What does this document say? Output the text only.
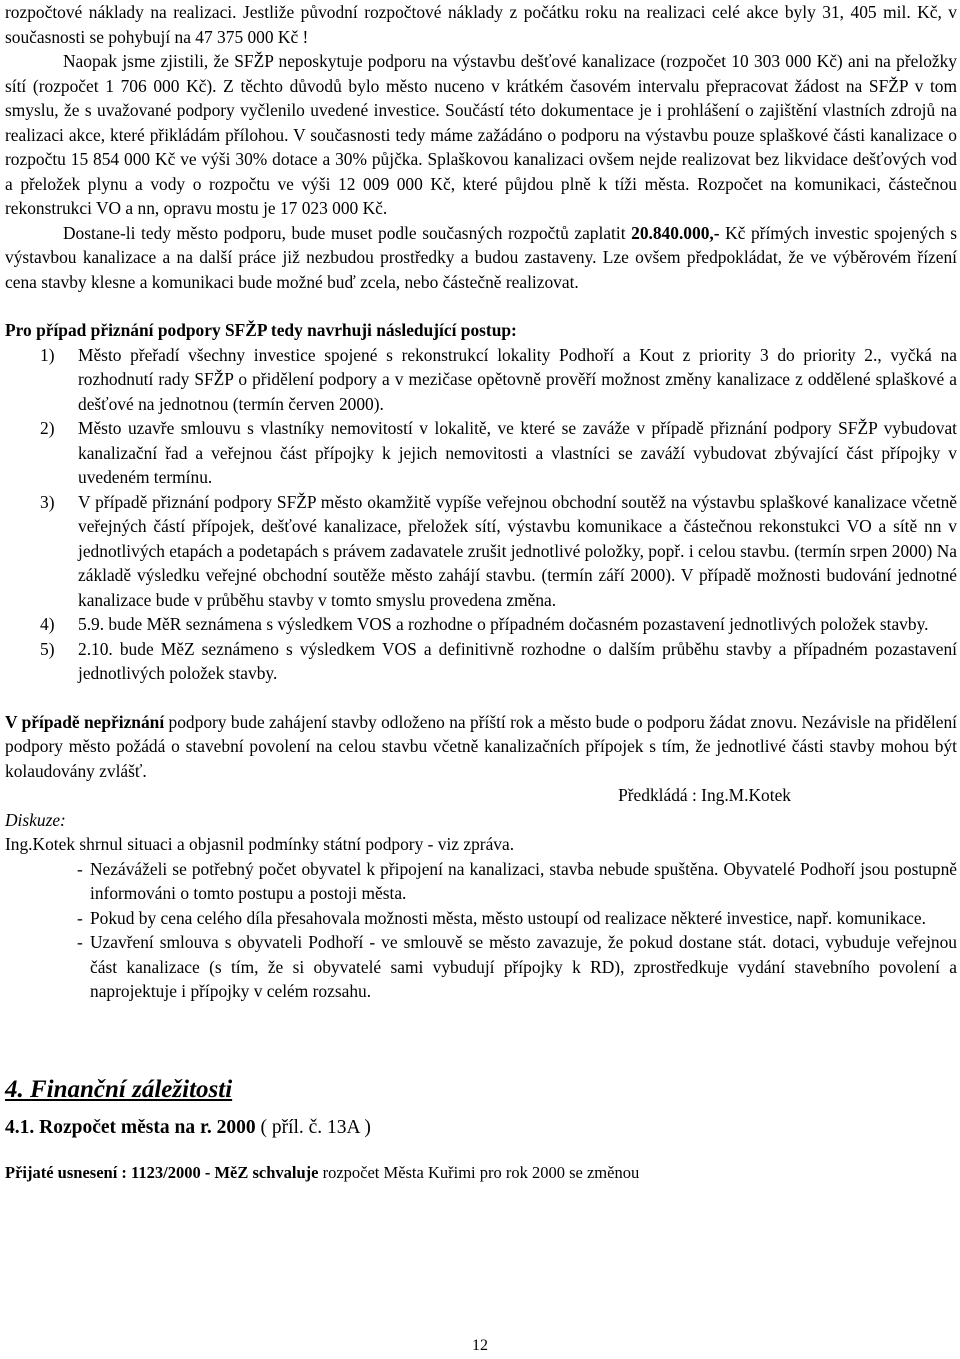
rozpočtové náklady na realizaci. Jestliže původní rozpočtové náklady z počátku roku na realizaci celé akce byly 31, 405 mil. Kč, v současnosti se pohybují na 47 375 000 Kč !

Naopak jsme zjistili, že SFŽP neposkytuje podporu na výstavbu dešťové kanalizace (rozpočet 10 303 000 Kč) ani na přeložky sítí (rozpočet 1 706 000 Kč). Z těchto důvodů bylo město nuceno v krátkém časovém intervalu přepracovat žádost na SFŽP v tom smyslu, že s uvažované podpory vyčlenilo uvedené investice. Součástí této dokumentace je i prohlášení o zajištění vlastních zdrojů na realizaci akce, které přikládám přílohou. V současnosti tedy máme zažádáno o podporu na výstavbu pouze splaškové části kanalizace o rozpočtu 15 854 000 Kč ve výši 30% dotace a 30% půjčka. Splaškovou kanalizaci ovšem nejde realizovat bez likvidace dešťových vod a přeložek plynu a vody o rozpočtu ve výši 12 009 000 Kč, které půjdou plně k tíži města. Rozpočet na komunikaci, částečnou rekonstrukci VO a nn, opravu mostu je 17 023 000 Kč.

Dostane-li tedy město podporu, bude muset podle současných rozpočtů zaplatit 20.840.000,- Kč přímých investic spojených s výstavbou kanalizace a na další práce již nezbudou prostředky a budou zastaveny. Lze ovšem předpokládat, že ve výběrovém řízení cena stavby klesne a komunikaci bude možné buď zcela, nebo částečně realizovat.

Pro případ přiznání podpory SFŽP tedy navrhuji následující postup:

1) Město přeřadí všechny investice spojené s rekonstrukcí lokality Podhoří a Kout z priority 3 do priority 2., vyčká na rozhodnutí rady SFŽP o přidělení podpory a v mezičase opětovně prověří možnost změny kanalizace z oddělené splaškové a dešťové na jednotnou (termín červen 2000).
2) Město uzavře smlouvu s vlastníky nemovitostí v lokalitě, ve které se zaváže v případě přiznání podpory SFŽP vybudovat kanalizační řad a veřejnou část přípojky k jejich nemovitosti a vlastníci se zaváží vybudovat zbývající část přípojky v uvedeném termínu.
3) V případě přiznání podpory SFŽP město okamžitě vypíše veřejnou obchodní soutěž na výstavbu splaškové kanalizace včetně veřejných částí přípojek, dešťové kanalizace, přeložek sítí, výstavbu komunikace a částečnou rekonstukci VO a sítě nn v jednotlivých etapách a podetapách s právem zadavatele zrušit jednotlivé položky, popř. i celou stavbu. (termín srpen 2000) Na základě výsledku veřejné obchodní soutěže město zahájí stavbu. (termín září 2000). V případě možnosti budování jednotné kanalizace bude v průběhu stavby v tomto smyslu provedena změna.
4) 5.9. bude MěR seznámena s výsledkem VOS a rozhodne o případném dočasném pozastavení jednotlivých položek stavby.
5) 2.10. bude MěZ seznámeno s výsledkem VOS a definitivně rozhodne o dalším průběhu stavby a případném pozastavení jednotlivých položek stavby.

V případě nepřiznání podpory bude zahájení stavby odloženo na příští rok a město bude o podporu žádat znovu. Nezávisle na přidělení podpory město požádá o stavební povolení na celou stavbu včetně kanalizačních přípojek s tím, že jednotlivé části stavby mohou být kolaudovány zvlášť.

Předkládá : Ing.M.Kotek

Diskuze:

Ing.Kotek shrnul situaci a objasnil podmínky státní podpory - viz zpráva.

- Nezáváželi se potřebný počet obyvatel k připojení na kanalizaci, stavba nebude spuštěna. Obyvatelé Podhoří jsou postupně informováni o tomto postupu a postoji města.
- Pokud by cena celého díla přesahovala možnosti města, město ustoupí od realizace některé investice, např. komunikace.
- Uzavření smlouva s obyvateli Podhoří - ve smlouvě se město zavazuje, že pokud dostane stát. dotaci, vybuduje veřejnou část kanalizace (s tím, že si obyvatelé sami vybudují přípojky k RD), zprostředkuje vydání stavebního povolení a naprojektuje i přípojky v celém rozsahu.

4. Finanční záležitosti

4.1. Rozpočet města na r. 2000 ( příl. č. 13A )

Přijaté usnesení : 1123/2000 - MěZ schvaluje rozpočet Města Kuřimi pro rok 2000 se změnou

12
